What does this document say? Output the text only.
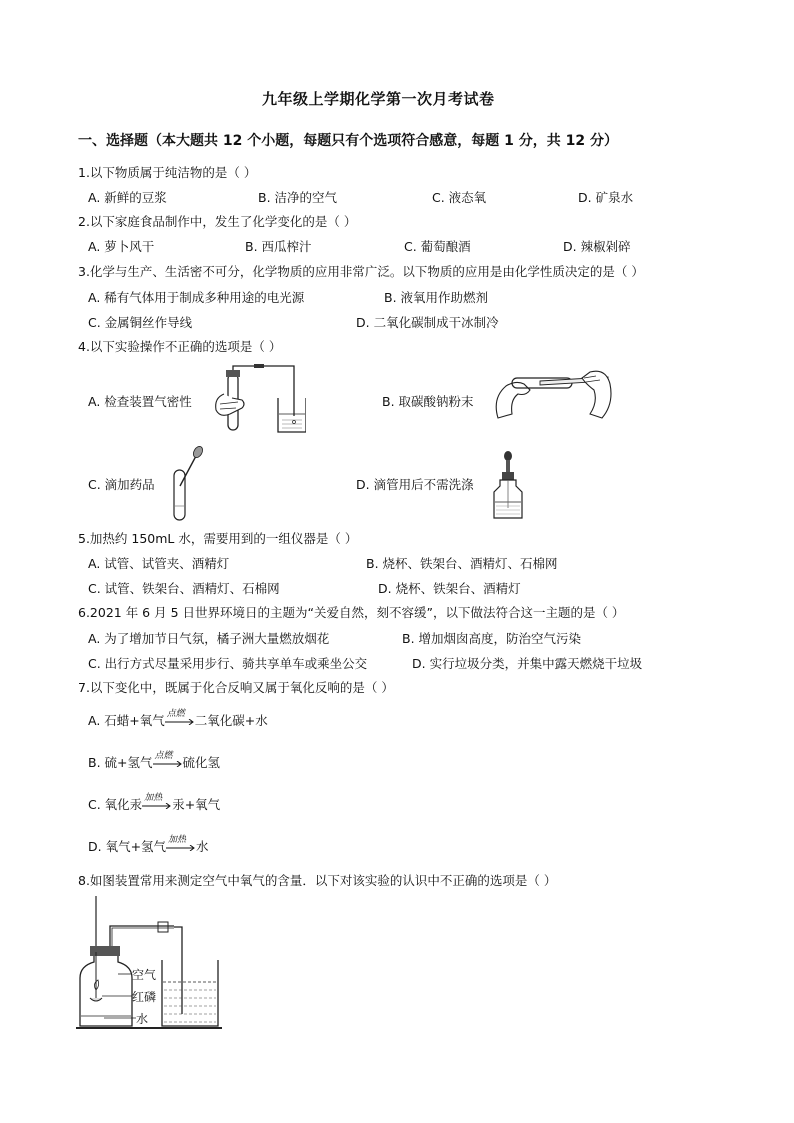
九年级上学期化学第一次月考试卷
一、选择题（本大题共 12 个小题，每题只有个选项符合感意，每题 1 分，共 12 分）
1.以下物质属于纯洁物的是（ ）
A. 新鲜的豆浆	B. 洁净的空气	C. 液态氧	D. 矿泉水
2.以下家庭食品制作中，发生了化学变化的是（ ）
A. 萝卜风干	B. 西瓜榨汁	C. 葡萄酿酒	D. 辣椒剁碎
3.化学与生产、生活密不可分，化学物质的应用非常广泛。以下物质的应用是由化学性质决定的是（ ）
A. 稀有气体用于制成多种用途的电光源	B. 液氧用作助燃剂
C. 金属铜丝作导线	D. 二氧化碳制成干冰制冷
4.以下实验操作不正确的选项是（ ）
A. 检查装置气密性	B. 取碳酸钠粉末
C. 滴加药品	D. 滴管用后不需洗涤
5.加热约 150mL 水，需要用到的一组仪器是（ ）
A. 试管、试管夹、酒精灯	B. 烧杯、铁架台、酒精灯、石棉网
C. 试管、铁架台、酒精灯、石棉网	D. 烧杯、铁架台、酒精灯
6.2021 年 6 月 5 日世界环境日的主题为“关爱自然，刻不容缓”，以下做法符合这一主题的是（ ）
A. 为了增加节日气氛，橘子洲大量燃放烟花	B. 增加烟囱高度，防治空气污染
C. 出行方式尽量采用步行、骑共享单车或乘坐公交	D. 实行垃圾分类，并集中露天燃烧干垃圾
7.以下变化中，既属于化合反响又属于氧化反响的是（ ）
A. 石蜡+氧气 点燃 二氧化碳+水
B. 硫+氢气 点燃 硫化氢
C. 氧化汞 加热 汞+氧气
D. 氧气+氢气 加热 水
8.如图装置常用来测定空气中氧气的含量．以下对该实验的认识中不正确的选项是（ ）
空气
红磷
水
